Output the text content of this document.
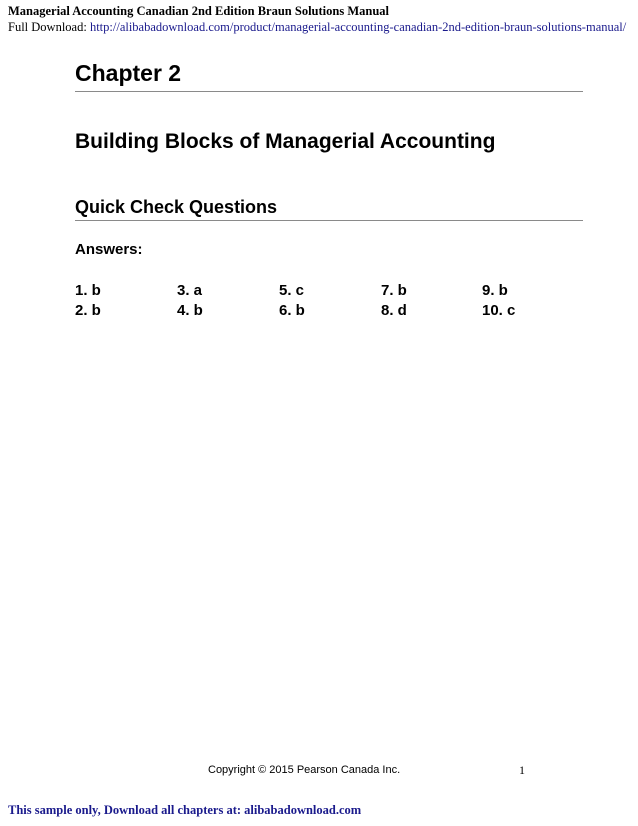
Managerial Accounting Canadian 2nd Edition Braun Solutions Manual
Full Download: http://alibabadownload.com/product/managerial-accounting-canadian-2nd-edition-braun-solutions-manual/
Chapter 2
Building Blocks of Managerial Accounting
Quick Check Questions
Answers:
1. b	3. a	5. c	7. b	9. b
2. b	4. b	6. b	8. d	10. c
Copyright © 2015 Pearson Canada Inc.	1
This sample only, Download all chapters at: alibabadownload.com
